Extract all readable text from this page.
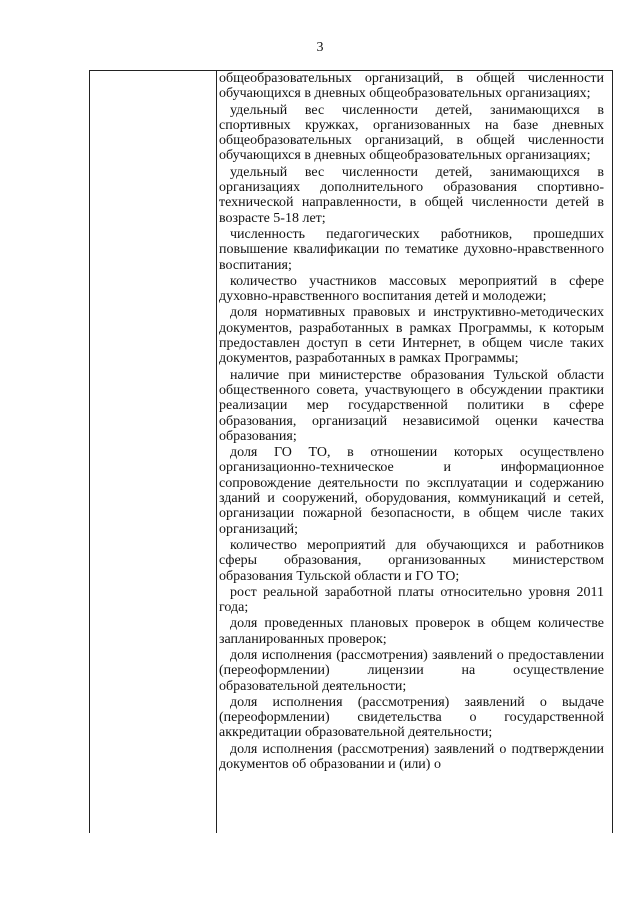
3

общеобразовательных организаций, в общей численности обучающихся в дневных общеобразовательных организациях;

удельный вес численности детей, занимающихся в спортивных кружках, организованных на базе дневных общеобразовательных организаций, в общей численности обучающихся в дневных общеобразовательных организациях;

удельный вес численности детей, занимающихся в организациях дополнительного образования спортивно-технической направленности, в общей численности детей в возрасте 5-18 лет;

численность педагогических работников, прошедших повышение квалификации по тематике духовно-нравственного воспитания;

количество участников массовых мероприятий в сфере духовно-нравственного воспитания детей и молодежи;

доля нормативных правовых и инструктивно-методических документов, разработанных в рамках Программы, к которым предоставлен доступ в сети Интернет, в общем числе таких документов, разработанных в рамках Программы;

наличие при министерстве образования Тульской области общественного совета, участвующего в обсуждении практики реализации мер государственной политики в сфере образования, организаций независимой оценки качества образования;

доля ГО ТО, в отношении которых осуществлено организационно-техническое и информационное сопровождение деятельности по эксплуатации и содержанию зданий и сооружений, оборудования, коммуникаций и сетей, организации пожарной безопасности, в общем числе таких организаций;

количество мероприятий для обучающихся и работников сферы образования, организованных министерством образования Тульской области и ГО ТО;

рост реальной заработной платы относительно уровня 2011 года;

доля проведенных плановых проверок в общем количестве запланированных проверок;

доля исполнения (рассмотрения) заявлений о предоставлении (переоформлении) лицензии на осуществление образовательной деятельности;

доля исполнения (рассмотрения) заявлений о выдаче (переоформлении) свидетельства о государственной аккредитации образовательной деятельности;

доля исполнения (рассмотрения) заявлений о подтверждении документов об образовании и (или) о
